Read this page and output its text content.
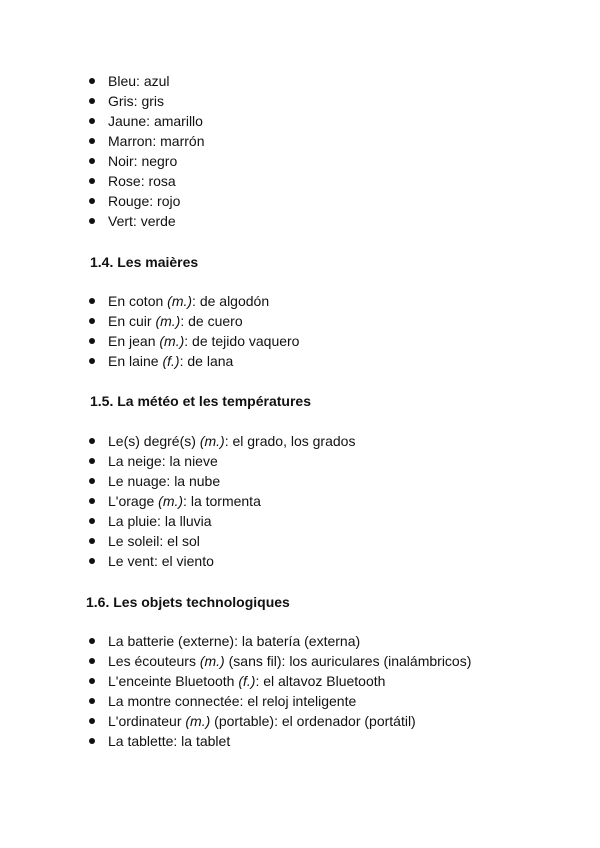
Bleu: azul
Gris: gris
Jaune: amarillo
Marron: marrón
Noir: negro
Rose: rosa
Rouge: rojo
Vert: verde
1.4. Les maières
En coton (m.): de algodón
En cuir (m.): de cuero
En jean (m.): de tejido vaquero
En laine (f.): de lana
1.5. La météo et les températures
Le(s) degré(s) (m.): el grado, los grados
La neige: la nieve
Le nuage: la nube
L'orage (m.): la tormenta
La pluie: la lluvia
Le soleil: el sol
Le vent: el viento
1.6. Les objets technologiques
La batterie (externe): la batería (externa)
Les écouteurs (m.) (sans fil): los auriculares (inalámbricos)
L'enceinte Bluetooth (f.): el altavoz Bluetooth
La montre connectée: el reloj inteligente
L'ordinateur (m.) (portable): el ordenador (portátil)
La tablette: la tablet
